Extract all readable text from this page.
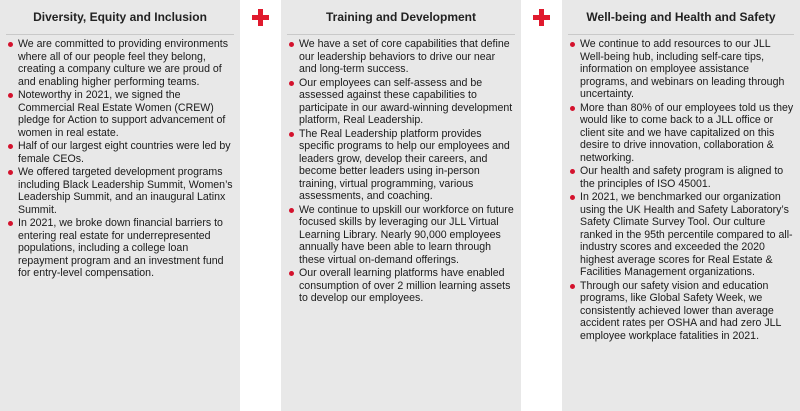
Diversity, Equity and Inclusion
We are committed to providing environments where all of our people feel they belong, creating a company culture we are proud of and enabling higher performing teams.
Noteworthy in 2021, we signed the Commercial Real Estate Women (CREW) pledge for Action to support advancement of women in real estate.
Half of our largest eight countries were led by female CEOs.
We offered targeted development programs including Black Leadership Summit, Women’s Leadership Summit, and an inaugural Latinx Summit.
In 2021, we broke down financial barriers to entering real estate for underrepresented populations, including a college loan repayment program and an investment fund for entry-level compensation.
Training and Development
We have a set of core capabilities that define our leadership behaviors to drive our near and long-term success.
Our employees can self-assess and be assessed against these capabilities to participate in our award-winning development platform, Real Leadership.
The Real Leadership platform provides specific programs to help our employees and leaders grow, develop their careers, and become better leaders using in-person training, virtual programming, various assessments, and coaching.
We continue to upskill our workforce on future focused skills by leveraging our JLL Virtual Learning Library. Nearly 90,000 employees annually have been able to learn through these virtual on-demand offerings.
Our overall learning platforms have enabled consumption of over 2 million learning assets to develop our employees.
Well-being and Health and Safety
We continue to add resources to our JLL Well-being hub, including self-care tips, information on employee assistance programs, and webinars on leading through uncertainty.
More than 80% of our employees told us they would like to come back to a JLL office or client site and we have capitalized on this desire to drive innovation, collaboration & networking.
Our health and safety program is aligned to the principles of ISO 45001.
In 2021, we benchmarked our organization using the UK Health and Safety Laboratory’s Safety Climate Survey Tool. Our culture ranked in the 95th percentile compared to all-industry scores and exceeded the 2020 highest average scores for Real Estate & Facilities Management organizations.
Through our safety vision and education programs, like Global Safety Week, we consistently achieved lower than average accident rates per OSHA and had zero JLL employee workplace fatalities in 2021.
